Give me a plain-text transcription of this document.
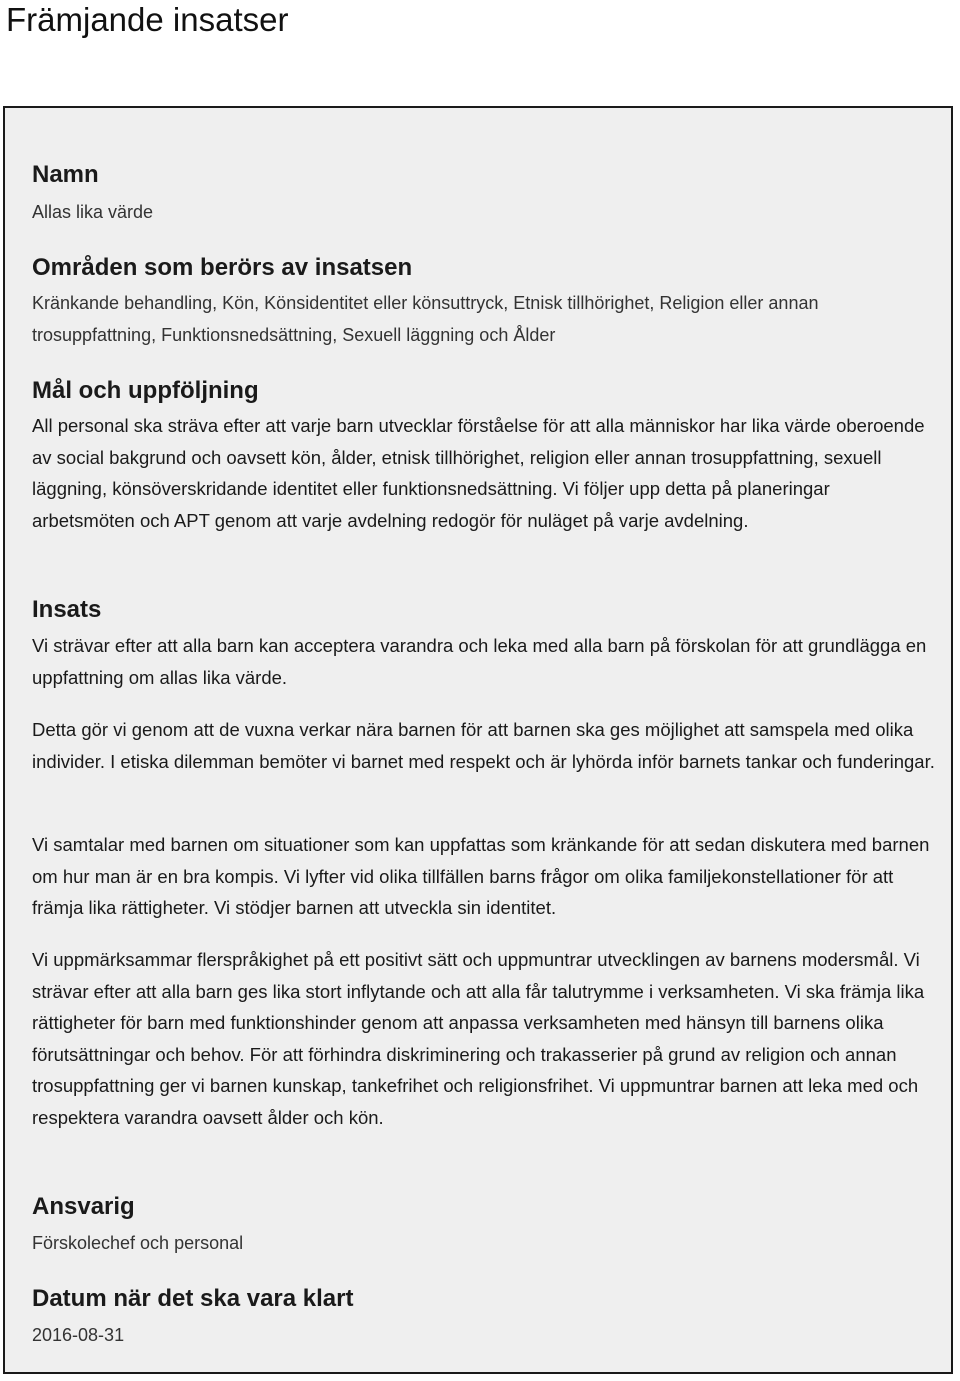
Främjande insatser
Namn

Allas lika värde

Områden som berörs av insatsen

Kränkande behandling, Kön, Könsidentitet eller könsuttryck, Etnisk tillhörighet, Religion eller annan trosuppfattning, Funktionsnedsättning, Sexuell läggning och Ålder

Mål och uppföljning

All personal ska sträva efter att varje barn utvecklar förståelse för att alla människor har lika värde oberoende av social bakgrund och oavsett kön, ålder, etnisk tillhörighet, religion eller annan trosuppfattning, sexuell läggning, könsöverskridande identitet eller funktionsnedsättning. Vi följer upp detta på planeringar arbetsmöten och APT genom att varje avdelning redogör för nuläget på varje avdelning.

Insats

Vi strävar efter att alla barn kan acceptera varandra och leka med alla barn på förskolan för att grundlägga en uppfattning om allas lika värde.

Detta gör vi genom att de vuxna verkar nära barnen för att barnen ska ges möjlighet att samspela med olika individer. I etiska dilemman bemöter vi barnet med respekt och är lyhörda inför barnets tankar och funderingar.

Vi samtalar med barnen om situationer som kan uppfattas som kränkande för att sedan diskutera med barnen om hur man är en bra kompis. Vi lyfter vid olika tillfällen barns frågor om olika familjekonstellationer för att främja lika rättigheter. Vi stödjer barnen att utveckla sin identitet.

Vi uppmärksammar flerspråkighet på ett positivt sätt och uppmuntrar utvecklingen av barnens modersmål. Vi strävar efter att alla barn ges lika stort inflytande och att alla får talutrymme i verksamheten. Vi ska främja lika rättigheter för barn med funktionshinder genom att anpassa verksamheten med hänsyn till barnens olika förutsättningar och behov. För att förhindra diskriminering och trakasserier på grund av religion och annan trosuppfattning ger vi barnen kunskap, tankefrihet och religionsfrihet. Vi uppmuntrar barnen att leka med och respektera varandra oavsett ålder och kön.

Ansvarig

Förskolechef och personal

Datum när det ska vara klart

2016-08-31
